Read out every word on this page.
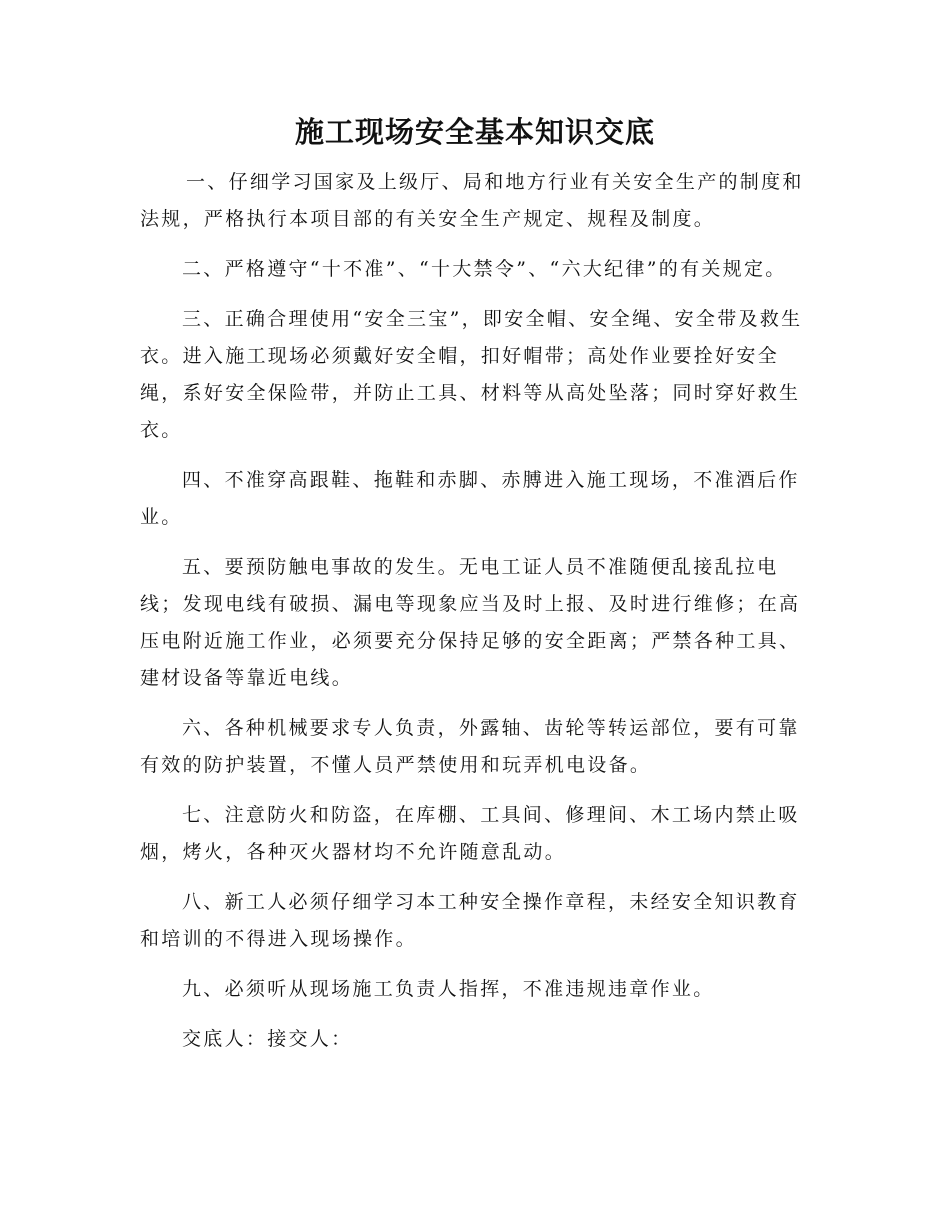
施工现场安全基本知识交底

一、仔细学习国家及上级厅、局和地方行业有关安全生产的制度和法规，严格执行本项目部的有关安全生产规定、规程及制度。

二、严格遵守“十不准”、“十大禁令”、“六大纪律”的有关规定。

三、正确合理使用“安全三宝”，即安全帽、安全绳、安全带及救生衣。进入施工现场必须戴好安全帽，扣好帽带；高处作业要拴好安全绳，系好安全保险带，并防止工具、材料等从高处坠落；同时穿好救生衣。

四、不准穿高跟鞋、拖鞋和赤脚、赤膊进入施工现场，不准酒后作业。

五、要预防触电事故的发生。无电工证人员不准随便乱接乱拉电线；发现电线有破损、漏电等现象应当及时上报、及时进行维修；在高压电附近施工作业，必须要充分保持足够的安全距离；严禁各种工具、建材设备等靠近电线。

六、各种机械要求专人负责，外露轴、齿轮等转运部位，要有可靠有效的防护装置，不懂人员严禁使用和玩弄机电设备。

七、注意防火和防盗，在库棚、工具间、修理间、木工场内禁止吸烟，烤火，各种灭火器材均不允许随意乱动。

八、新工人必须仔细学习本工种安全操作章程，未经安全知识教育和培训的不得进入现场操作。

九、必须听从现场施工负责人指挥，不准违规违章作业。

交底人：接交人：
